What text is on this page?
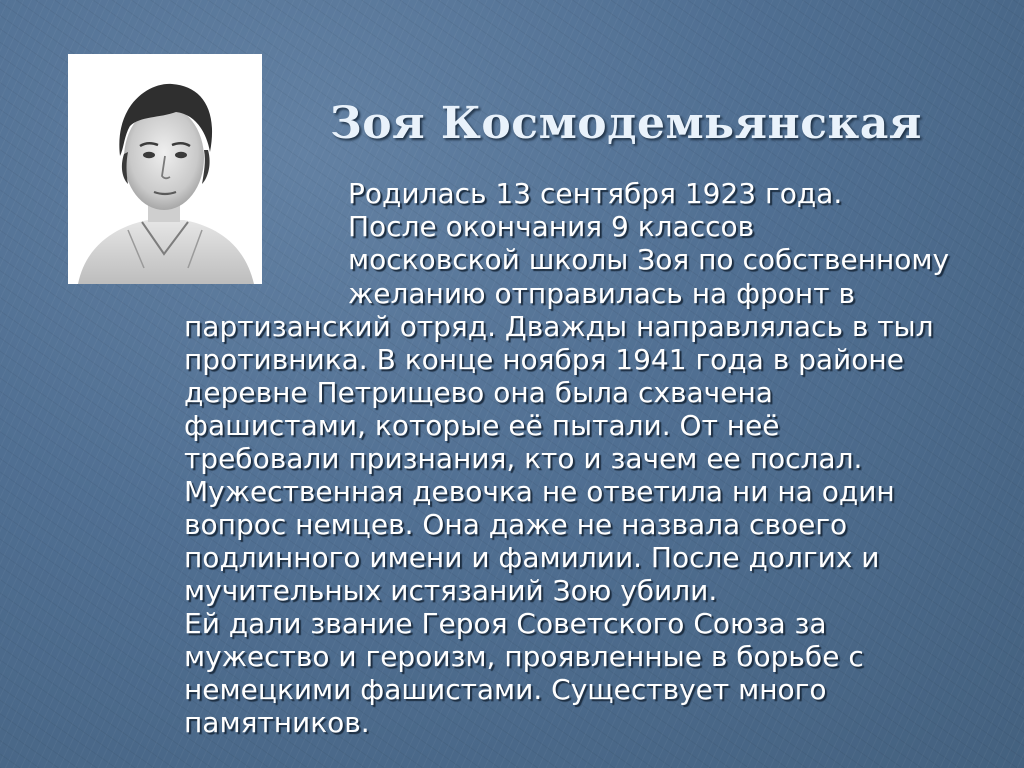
Зоя Космодемьянская
Родилась 13 сентября 1923 года.
После окончания 9 классов
московской школы Зоя по собственному
желанию отправилась на фронт в
партизанский отряд. Дважды направлялась в тыл
противника. В конце ноября 1941 года в районе
деревне Петрищево она была схвачена
фашистами, которые её пытали. От неё
требовали признания, кто и зачем ее послал.
Мужественная девочка не ответила ни на один
вопрос немцев. Она даже не назвала своего
подлинного имени и фамилии. После долгих и
мучительных истязаний Зою убили.
Ей дали звание Героя Советского Союза за
мужество и героизм, проявленные в борьбе с
немецкими фашистами. Существует много
памятников.
